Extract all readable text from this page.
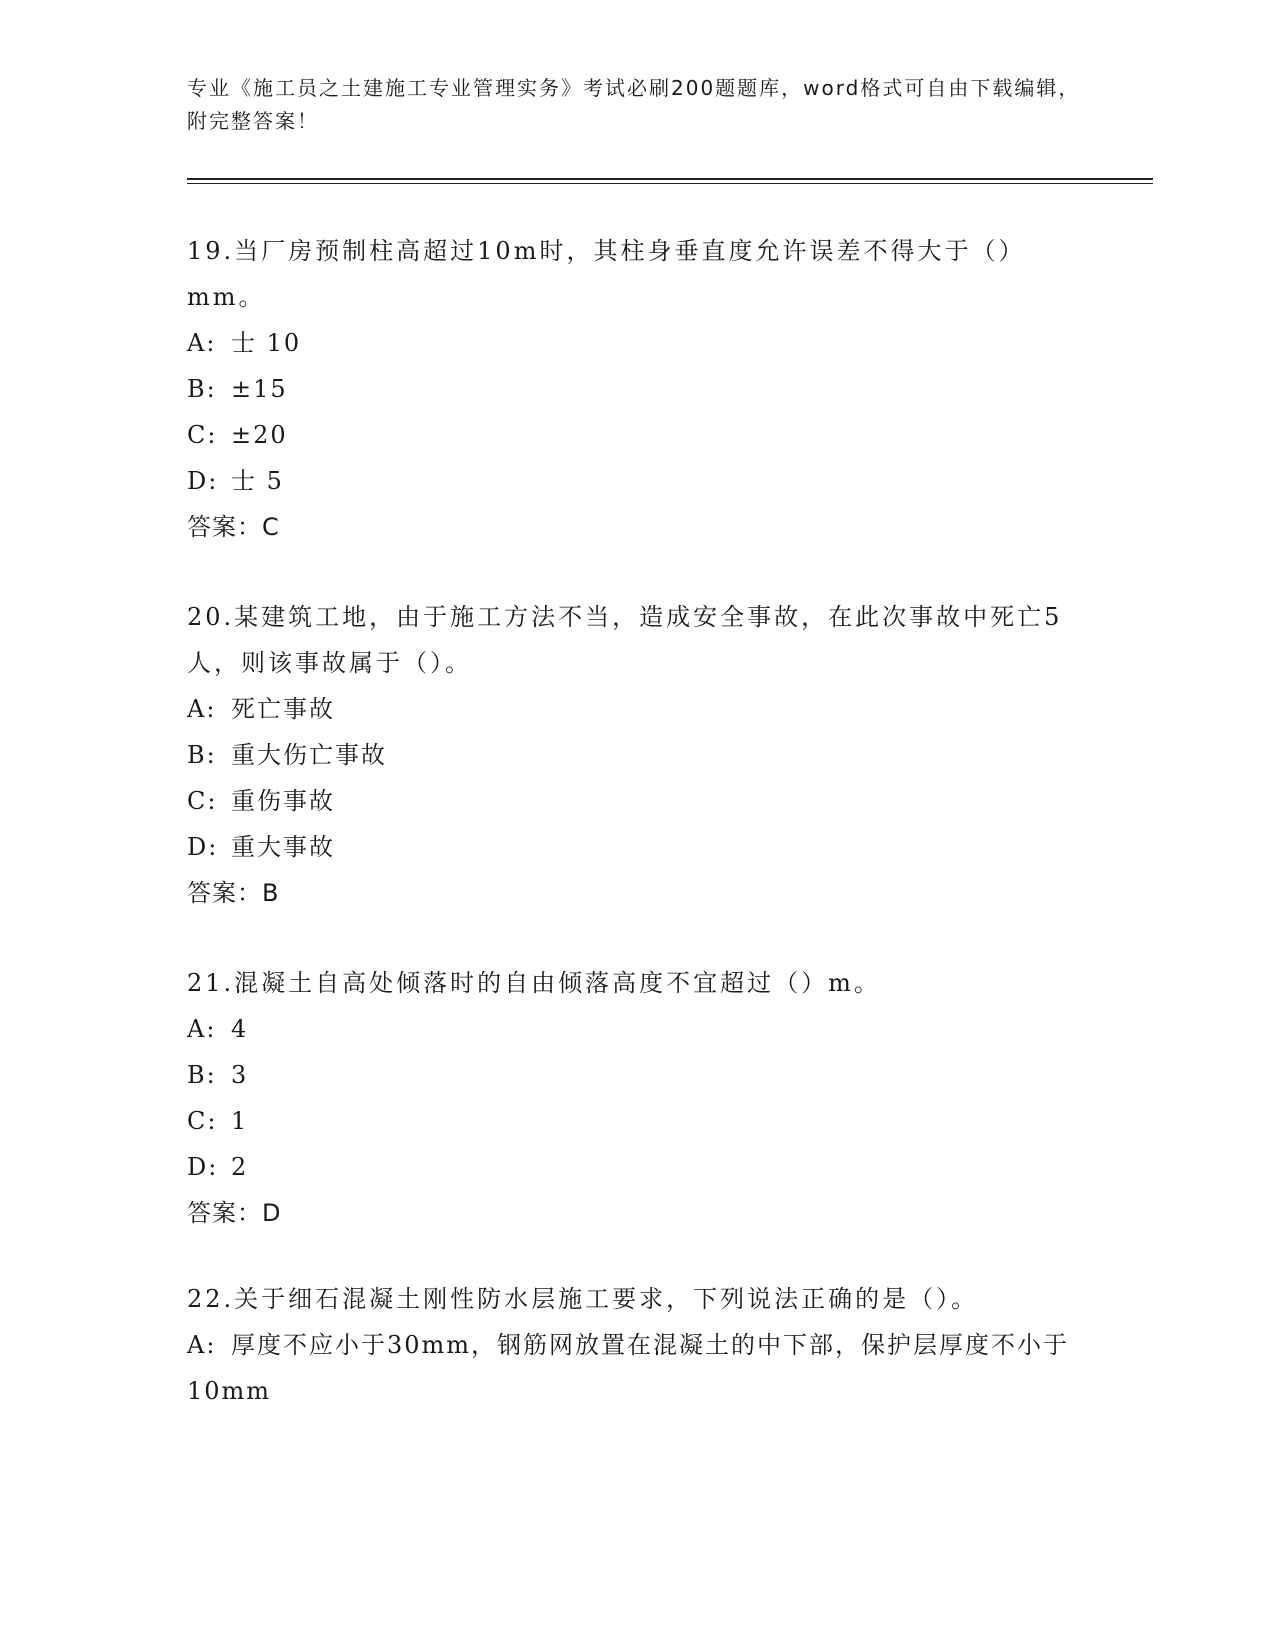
专业《施工员之土建施工专业管理实务》考试必刷200题题库，word格式可自由下载编辑，附完整答案！
19.当厂房预制柱高超过10m时，其柱身垂直度允许误差不得大于（）mm。
A: 士 10
B: ±15
C: ±20
D: 士 5
答案：C
20.某建筑工地，由于施工方法不当，造成安全事故，在此次事故中死亡5人，则该事故属于（）。
A: 死亡事故
B: 重大伤亡事故
C: 重伤事故
D: 重大事故
答案：B
21.混凝土自高处倾落时的自由倾落高度不宜超过（）m。
A: 4
B: 3
C: 1
D: 2
答案：D
22.关于细石混凝土刚性防水层施工要求，下列说法正确的是（）。
A: 厚度不应小于30mm，钢筋网放置在混凝土的中下部，保护层厚度不小于10mm
